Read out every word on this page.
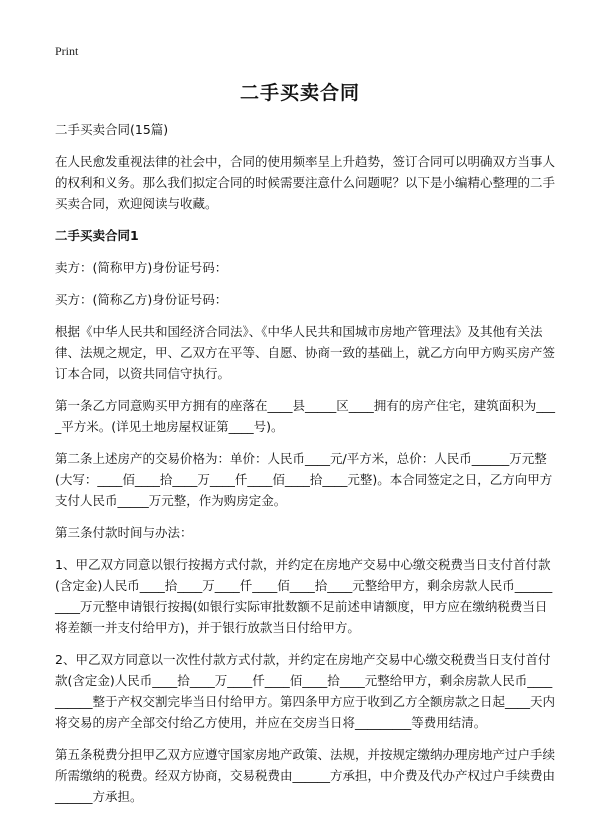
Print
二手买卖合同

二手买卖合同(15篇)

在人民愈发重视法律的社会中，合同的使用频率呈上升趋势，签订合同可以明确双方当事人的权利和义务。那么我们拟定合同的时候需要注意什么问题呢？以下是小编精心整理的二手买卖合同，欢迎阅读与收藏。

二手买卖合同1

卖方：(简称甲方)身份证号码：

买方：(简称乙方)身份证号码：

根据《中华人民共和国经济合同法》、《中华人民共和国城市房地产管理法》及其他有关法律、法规之规定，甲、乙双方在平等、自愿、协商一致的基础上，就乙方向甲方购买房产签订本合同，以资共同信守执行。

第一条乙方同意购买甲方拥有的座落在____县_____区____拥有的房产住宅，建筑面积为____平方米。(详见土地房屋权证第____号)。

第二条上述房产的交易价格为：单价：人民币____元/平方米，总价：人民币______万元整(大写：____佰____拾____万____仟____佰____拾____元整)。本合同签定之日，乙方向甲方支付人民币_____万元整，作为购房定金。

第三条付款时间与办法：

1、甲乙双方同意以银行按揭方式付款，并约定在房地产交易中心缴交税费当日支付首付款(含定金)人民币____拾____万____仟____佰____拾____元整给甲方，剩余房款人民币__________万元整申请银行按揭(如银行实际审批数额不足前述申请额度，甲方应在缴纳税费当日将差额一并支付给甲方)，并于银行放款当日付给甲方。

2、甲乙双方同意以一次性付款方式付款，并约定在房地产交易中心缴交税费当日支付首付款(含定金)人民币____拾____万____仟____佰____拾____元整给甲方，剩余房款人民币__________整于产权交割完毕当日付给甲方。第四条甲方应于收到乙方全额房款之日起____天内将交易的房产全部交付给乙方使用，并应在交房当日将_________等费用结清。

第五条税费分担甲乙双方应遵守国家房地产政策、法规，并按规定缴纳办理房地产过户手续所需缴纳的税费。经双方协商，交易税费由______方承担，中介费及代办产权过户手续费由______方承担。
